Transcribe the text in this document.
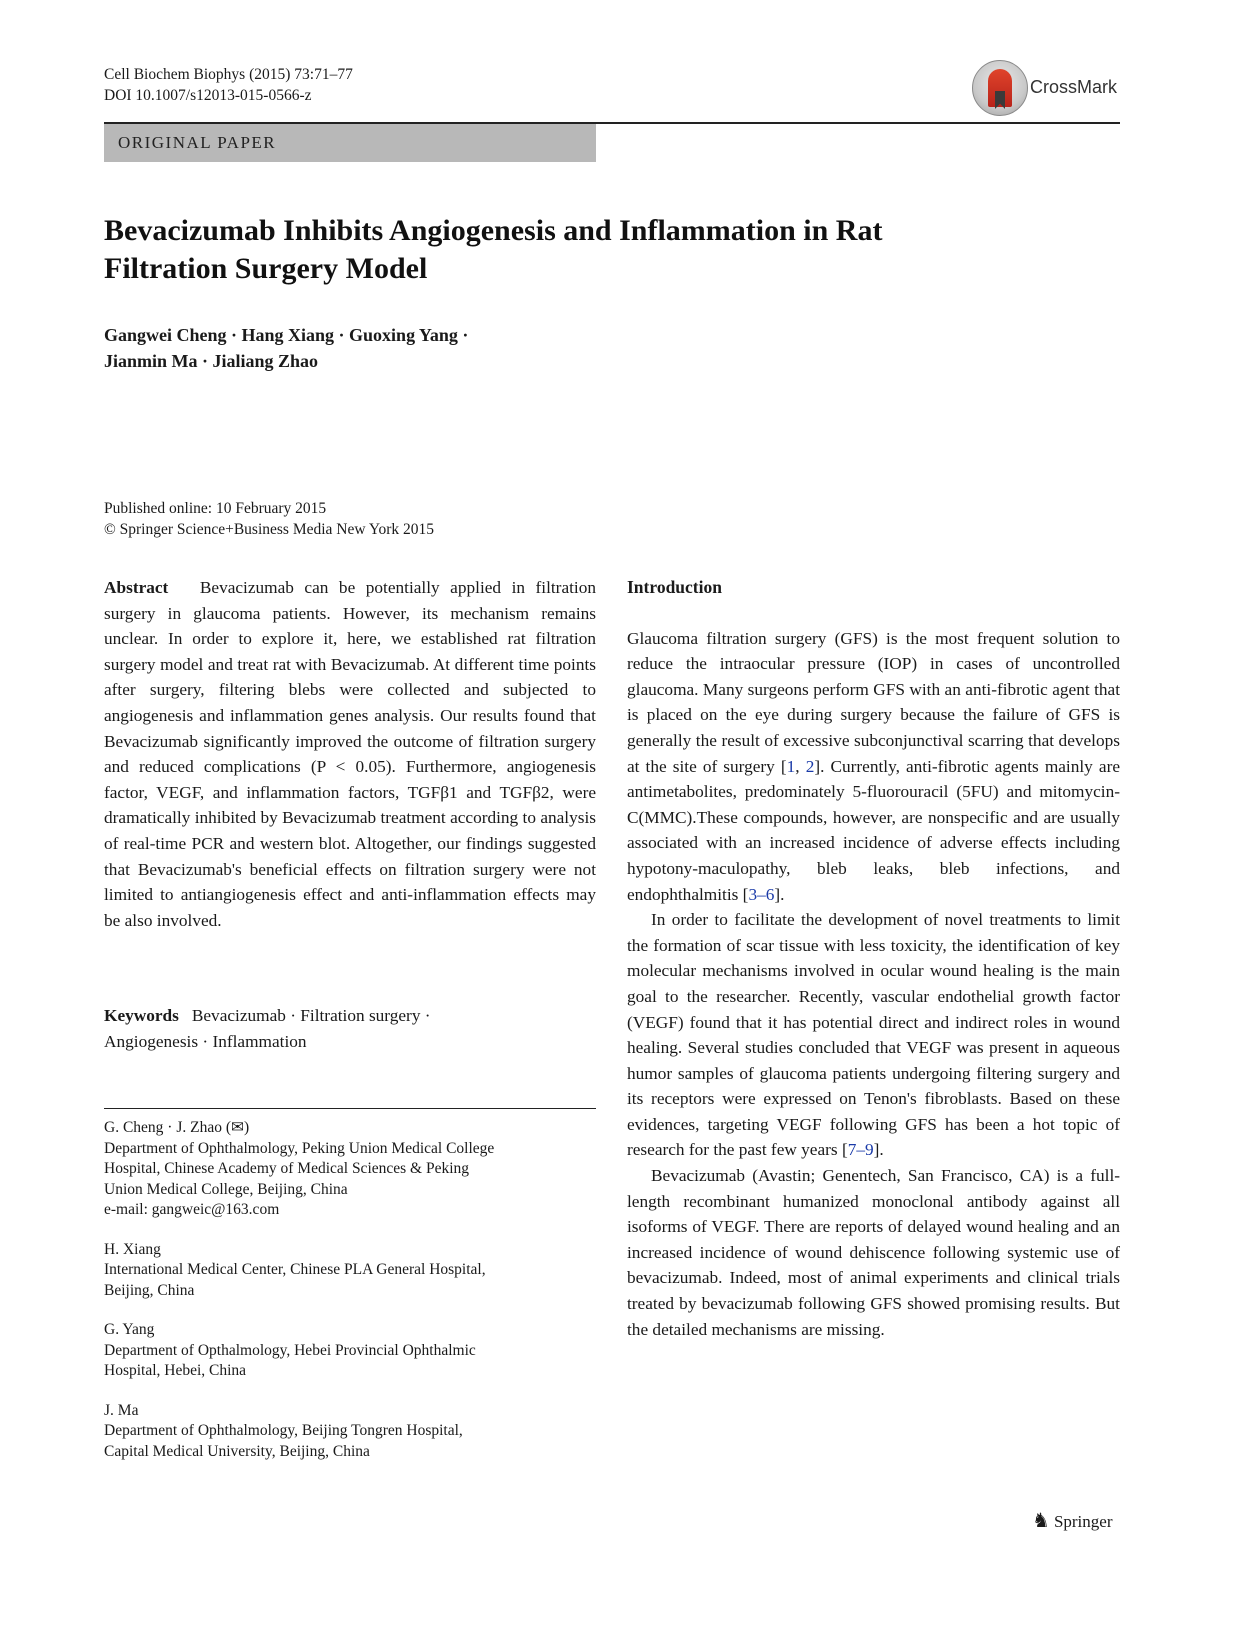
Cell Biochem Biophys (2015) 73:71–77
DOI 10.1007/s12013-015-0566-z	CrossMark
ORIGINAL PAPER
Bevacizumab Inhibits Angiogenesis and Inflammation in Rat
Filtration Surgery Model
Gangwei Cheng · Hang Xiang · Guoxing Yang ·
Jianmin Ma · Jialiang Zhao
Published online: 10 February 2015
© Springer Science+Business Media New York 2015
Abstract Bevacizumab can be potentially applied in filtration surgery in glaucoma patients. However, its mechanism remains unclear. In order to explore it, here, we established rat filtration surgery model and treat rat with Bevacizumab. At different time points after surgery, filtering blebs were collected and subjected to angiogenesis and inflammation genes analysis. Our results found that Bevacizumab significantly improved the outcome of filtration surgery and reduced complications (P < 0.05). Furthermore, angiogenesis factor, VEGF, and inflammation factors, TGFβ1 and TGFβ2, were dramatically inhibited by Bevacizumab treatment according to analysis of real-time PCR and western blot. Altogether, our findings suggested that Bevacizumab's beneficial effects on filtration surgery were not limited to antiangiogenesis effect and anti-inflammation effects may be also involved.
Keywords Bevacizumab · Filtration surgery ·
Angiogenesis · Inflammation
G. Cheng · J. Zhao (✉)
Department of Ophthalmology, Peking Union Medical College
Hospital, Chinese Academy of Medical Sciences & Peking
Union Medical College, Beijing, China
e-mail: gangweic@163.com
H. Xiang
International Medical Center, Chinese PLA General Hospital,
Beijing, China
G. Yang
Department of Opthalmology, Hebei Provincial Ophthalmic
Hospital, Hebei, China
J. Ma
Department of Ophthalmology, Beijing Tongren Hospital,
Capital Medical University, Beijing, China
Introduction

Glaucoma filtration surgery (GFS) is the most frequent solution to reduce the intraocular pressure (IOP) in cases of uncontrolled glaucoma. Many surgeons perform GFS with an anti-fibrotic agent that is placed on the eye during surgery because the failure of GFS is generally the result of excessive subconjunctival scarring that develops at the site of surgery [1, 2]. Currently, anti-fibrotic agents mainly are antimetabolites, predominately 5-fluorouracil (5FU) and mitomycin-C(MMC).These compounds, however, are nonspecific and are usually associated with an increased incidence of adverse effects including hypotony-maculopathy, bleb leaks, bleb infections, and endophthalmitis [3–6].

In order to facilitate the development of novel treatments to limit the formation of scar tissue with less toxicity, the identification of key molecular mechanisms involved in ocular wound healing is the main goal to the researcher. Recently, vascular endothelial growth factor (VEGF) found that it has potential direct and indirect roles in wound healing. Several studies concluded that VEGF was present in aqueous humor samples of glaucoma patients undergoing filtering surgery and its receptors were expressed on Tenon's fibroblasts. Based on these evidences, targeting VEGF following GFS has been a hot topic of research for the past few years [7–9].

Bevacizumab (Avastin; Genentech, San Francisco, CA) is a full-length recombinant humanized monoclonal antibody against all isoforms of VEGF. There are reports of delayed wound healing and an increased incidence of wound dehiscence following systemic use of bevacizumab. Indeed, most of animal experiments and clinical trials treated by bevacizumab following GFS showed promising results. But the detailed mechanisms are missing.

♞ Springer
